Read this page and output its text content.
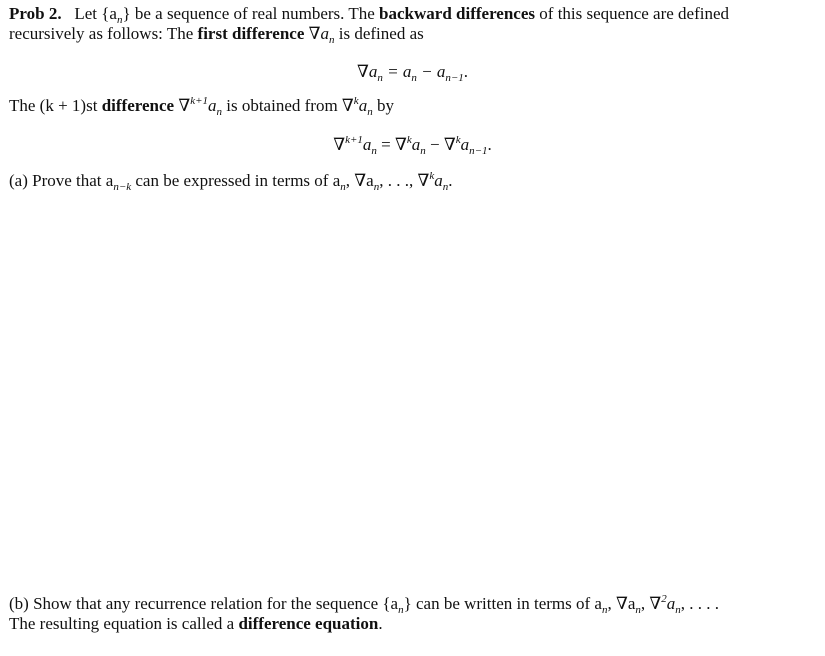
Prob 2. Let $\{a_n\}$ be a sequence of real numbers. The backward differences of this sequence are defined
recursively as follows: The first difference $\nabla a_n$ is defined as
$\nabla a_n = a_n - a_{n-1}$.
The (k + 1)st difference $\nabla^{k+1}a_n$ is obtained from $\nabla^ka_n$ by
$\nabla^{k+1}a_n = \nabla^ka_n - \nabla^ka_{n-1}$.
(a) Prove that $a_{n-k}$ can be expressed in terms of $a_n$, $\nabla a_n$, . . ., $\nabla^ka_n$.
(b) Show that any recurrence relation for the sequence $\{a_n\}$ can be written in terms of $a_n$, $\nabla a_n$, $\nabla^2a_n$, . . . .
The resulting equation is called a difference equation.
